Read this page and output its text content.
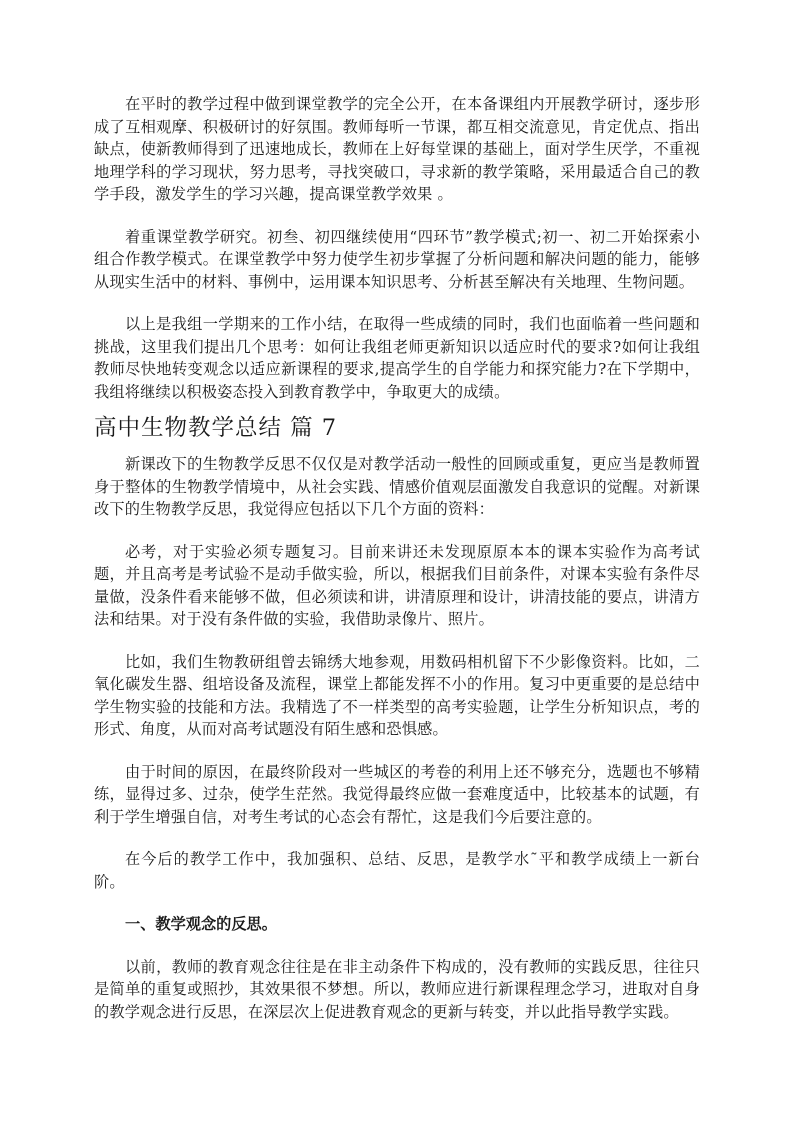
在平时的教学过程中做到课堂教学的完全公开，在本备课组内开展教学研讨，逐步形成了互相观摩、积极研讨的好氛围。教师每听一节课，都互相交流意见，肯定优点、指出缺点，使新教师得到了迅速地成长，教师在上好每堂课的基础上，面对学生厌学，不重视地理学科的学习现状，努力思考，寻找突破口，寻求新的教学策略，采用最适合自己的教学手段，激发学生的学习兴趣，提高课堂教学效果 。

着重课堂教学研究。初叁、初四继续使用“四环节”教学模式;初一、初二开始探索小组合作教学模式。在课堂教学中努力使学生初步掌握了分析问题和解决问题的能力，能够从现实生活中的材料、事例中，运用课本知识思考、分析甚至解决有关地理、生物问题。

以上是我组一学期来的工作小结，在取得一些成绩的同时，我们也面临着一些问题和挑战，这里我们提出几个思考：如何让我组老师更新知识以适应时代的要求?如何让我组教师尽快地转变观念以适应新课程的要求,提高学生的自学能力和探究能力?在下学期中，我组将继续以积极姿态投入到教育教学中，争取更大的成绩。

高中生物教学总结 篇 7

新课改下的生物教学反思不仅仅是对教学活动一般性的回顾或重复，更应当是教师置身于整体的生物教学情境中，从社会实践、情感价值观层面激发自我意识的觉醒。对新课改下的生物教学反思，我觉得应包括以下几个方面的资料：

必考，对于实验必须专题复习。目前来讲还未发现原原本本的课本实验作为高考试题，并且高考是考试验不是动手做实验，所以，根据我们目前条件，对课本实验有条件尽量做，没条件看来能够不做，但必须读和讲，讲清原理和设计，讲清技能的要点，讲清方法和结果。对于没有条件做的实验，我借助录像片、照片。

比如，我们生物教研组曾去锦绣大地参观，用数码相机留下不少影像资料。比如，二氧化碳发生器、组培设备及流程，课堂上都能发挥不小的作用。复习中更重要的是总结中学生物实验的技能和方法。我精选了不一样类型的高考实验题，让学生分析知识点，考的形式、角度，从而对高考试题没有陌生感和恐惧感。

由于时间的原因，在最终阶段对一些城区的考卷的利用上还不够充分，选题也不够精练，显得过多、过杂，使学生茫然。我觉得最终应做一套难度适中，比较基本的试题，有利于学生增强自信，对考生考试的心态会有帮忙，这是我们今后要注意的。

在今后的教学工作中，我加强积、总结、反思，是教学水˜平和教学成绩上一新台阶。

一、教学观念的反思。

以前，教师的教育观念往往是在非主动条件下构成的，没有教师的实践反思，往往只是简单的重复或照抄，其效果很不梦想。所以，教师应进行新课程理念学习，进取对自身的教学观念进行反思，在深层次上促进教育观念的更新与转变，并以此指导教学实践。
